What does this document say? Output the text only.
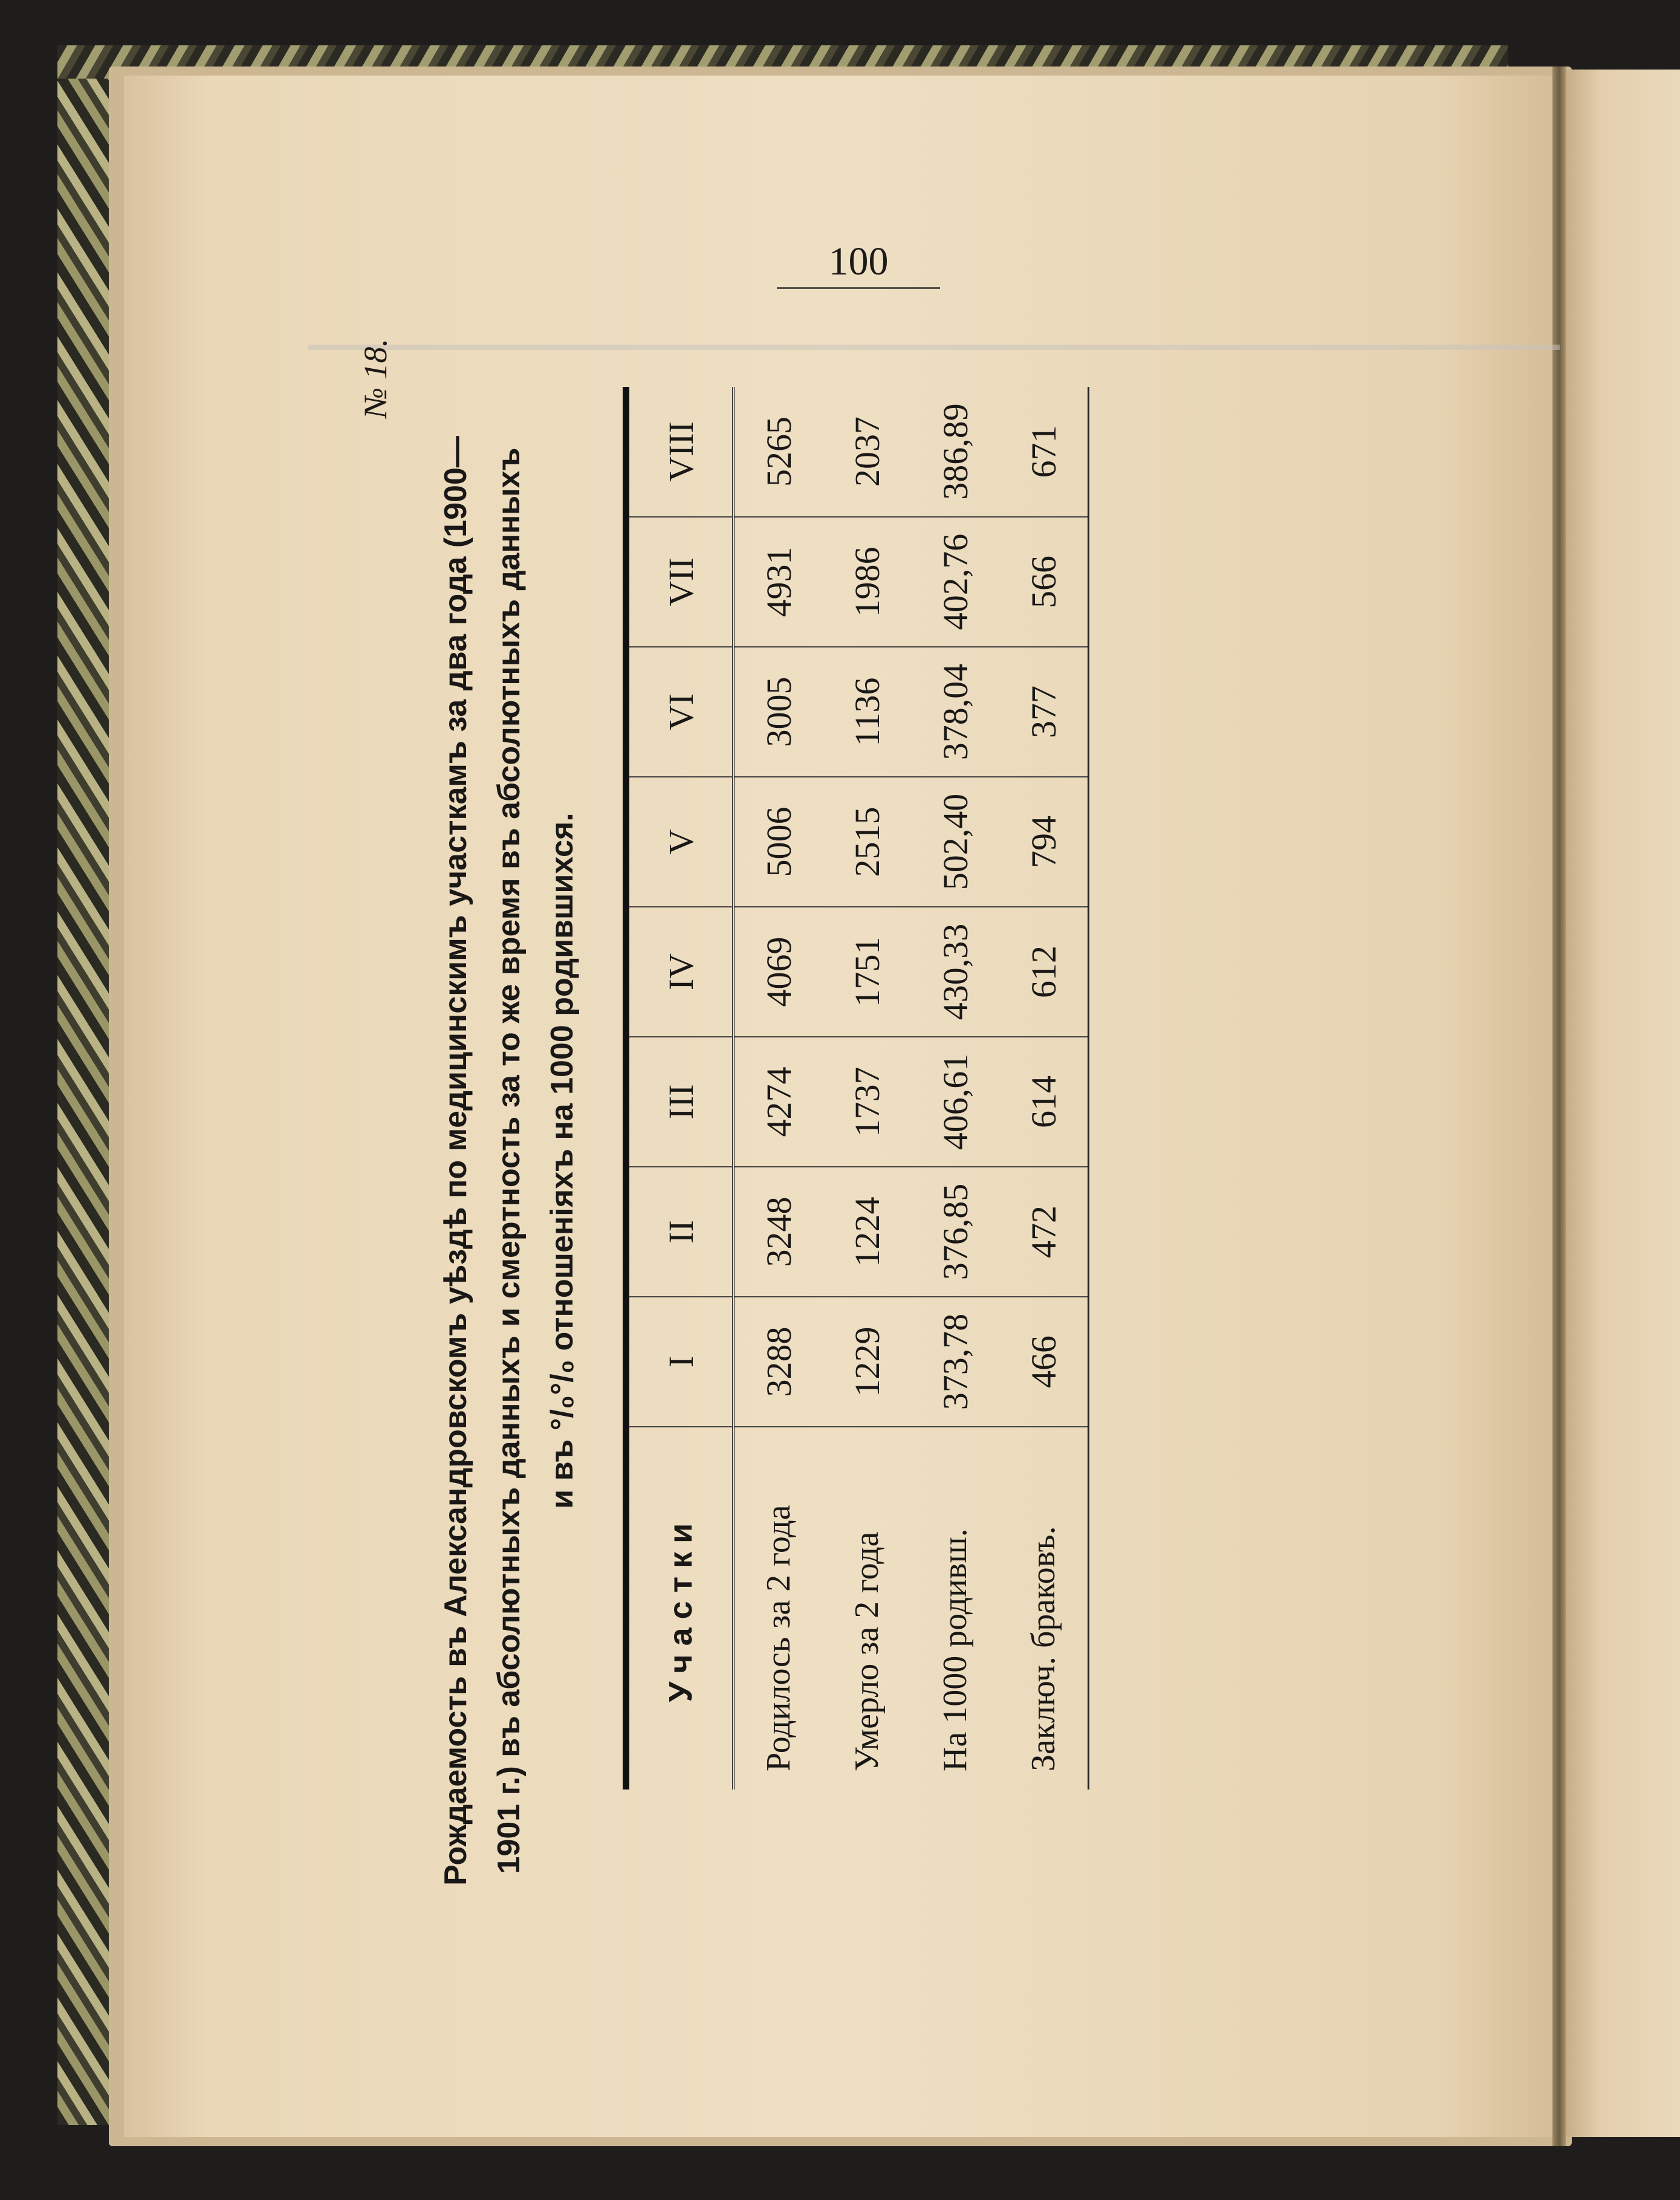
100
№ 18.
Рождаемость въ Александровскомъ уѣздѣ по медицинскимъ участкамъ за два года (1900— 1901 г.) въ абсолютныхъ данныхъ и смертность за то же время въ абсолютныхъ данныхъ и въ °/₀°/₀ отношеніяхъ на 1000 родившихся.
Участки	I	II	III	IV	V	VI	VII	VIII
Родилось за 2 года	3288	3248	4274	4069	5006	3005	4931	5265
Умерло за 2 года	1229	1224	1737	1751	2515	1136	1986	2037
На 1000 родивш.	373,78	376,85	406,61	430,33	502,40	378,04	402,76	386,89
Заключ. браковъ.	466	472	614	612	794	377	566	671
